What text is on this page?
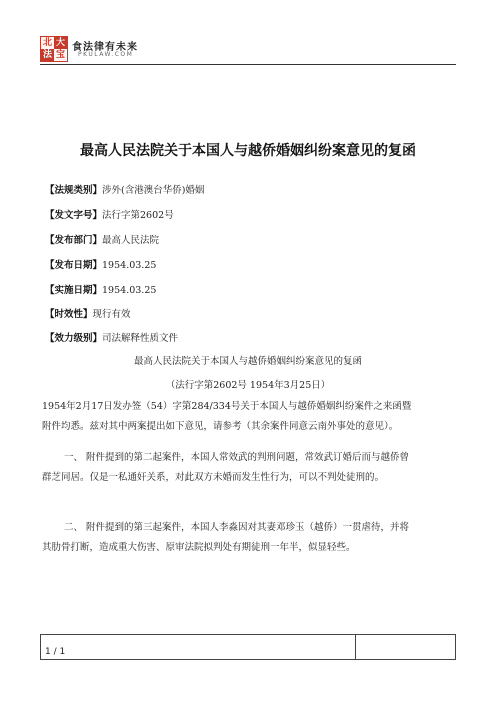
北 大
法 宝
食法律有未来
PKULAW.COM
最高人民法院关于本国人与越侨婚姻纠纷案意见的复函
【法规类别】涉外(含港澳台华侨)婚姻
【发文字号】法行字第2602号
【发布部门】最高人民法院
【发布日期】1954.03.25
【实施日期】1954.03.25
【时效性】现行有效
【效力级别】司法解释性质文件
最高人民法院关于本国人与越侨婚姻纠纷案意见的复函
（法行字第2602号 1954年3月25日）
1954年2月17日发办签（54）字第284/334号关于本国人与越侨婚姻纠纷案件之来函暨
附件均悉。兹对其中两案提出如下意见，请参考（其余案件同意云南外事处的意见）。
一、 附件提到的第二起案件，本国人常效武的判刑问题，常效武订婚后而与越侨曾
群芝同居。仅是一私通奸关系，对此双方未婚而发生性行为，可以不判处徒刑的。
二、 附件提到的第三起案件，本国人李淼因对其妻邓珍玉（越侨）一贯虐待，并将
其肋骨打断，造成重大伤害、原审法院拟判处有期徒刑一年半，似显轻些。
1 / 1
